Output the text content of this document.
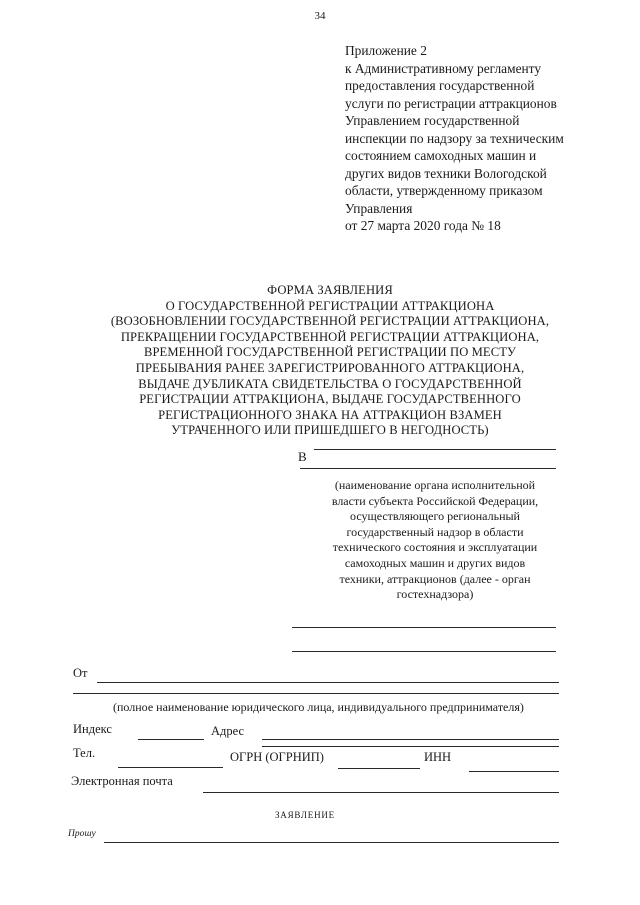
34
Приложение 2
к Административному регламенту
предоставления государственной
услуги по регистрации аттракционов
Управлением государственной
инспекции по надзору за техническим
состоянием самоходных машин и
других видов техники Вологодской
области, утвержденному приказом
Управления
от 27 марта 2020 года № 18
ФОРМА ЗАЯВЛЕНИЯ
О ГОСУДАРСТВЕННОЙ РЕГИСТРАЦИИ АТТРАКЦИОНА
(ВОЗОБНОВЛЕНИИ ГОСУДАРСТВЕННОЙ РЕГИСТРАЦИИ АТТРАКЦИОНА,
ПРЕКРАЩЕНИИ ГОСУДАРСТВЕННОЙ РЕГИСТРАЦИИ АТТРАКЦИОНА,
ВРЕМЕННОЙ ГОСУДАРСТВЕННОЙ РЕГИСТРАЦИИ ПО МЕСТУ
ПРЕБЫВАНИЯ РАНЕЕ ЗАРЕГИСТРИРОВАННОГО АТТРАКЦИОНА,
ВЫДАЧЕ ДУБЛИКАТА СВИДЕТЕЛЬСТВА О ГОСУДАРСТВЕННОЙ
РЕГИСТРАЦИИ АТТРАКЦИОНА, ВЫДАЧЕ ГОСУДАРСТВЕННОГО
РЕГИСТРАЦИОННОГО ЗНАКА НА АТТРАКЦИОН ВЗАМЕН
УТРАЧЕННОГО ИЛИ ПРИШЕДШЕГО В НЕГОДНОСТЬ)
В
(наименование органа исполнительной
власти субъекта Российской Федерации,
осуществляющего региональный
государственный надзор в области
технического состояния и эксплуатации
самоходных машин и других видов
техники, аттракционов (далее - орган
гостехнадзора)
От
(полное наименование юридического лица, индивидуального предпринимателя)
Индекс	Адрес
Тел.	ОГРН (ОГРНИП)	ИНН
Электронная почта
ЗАЯВЛЕНИЕ
Прошу
